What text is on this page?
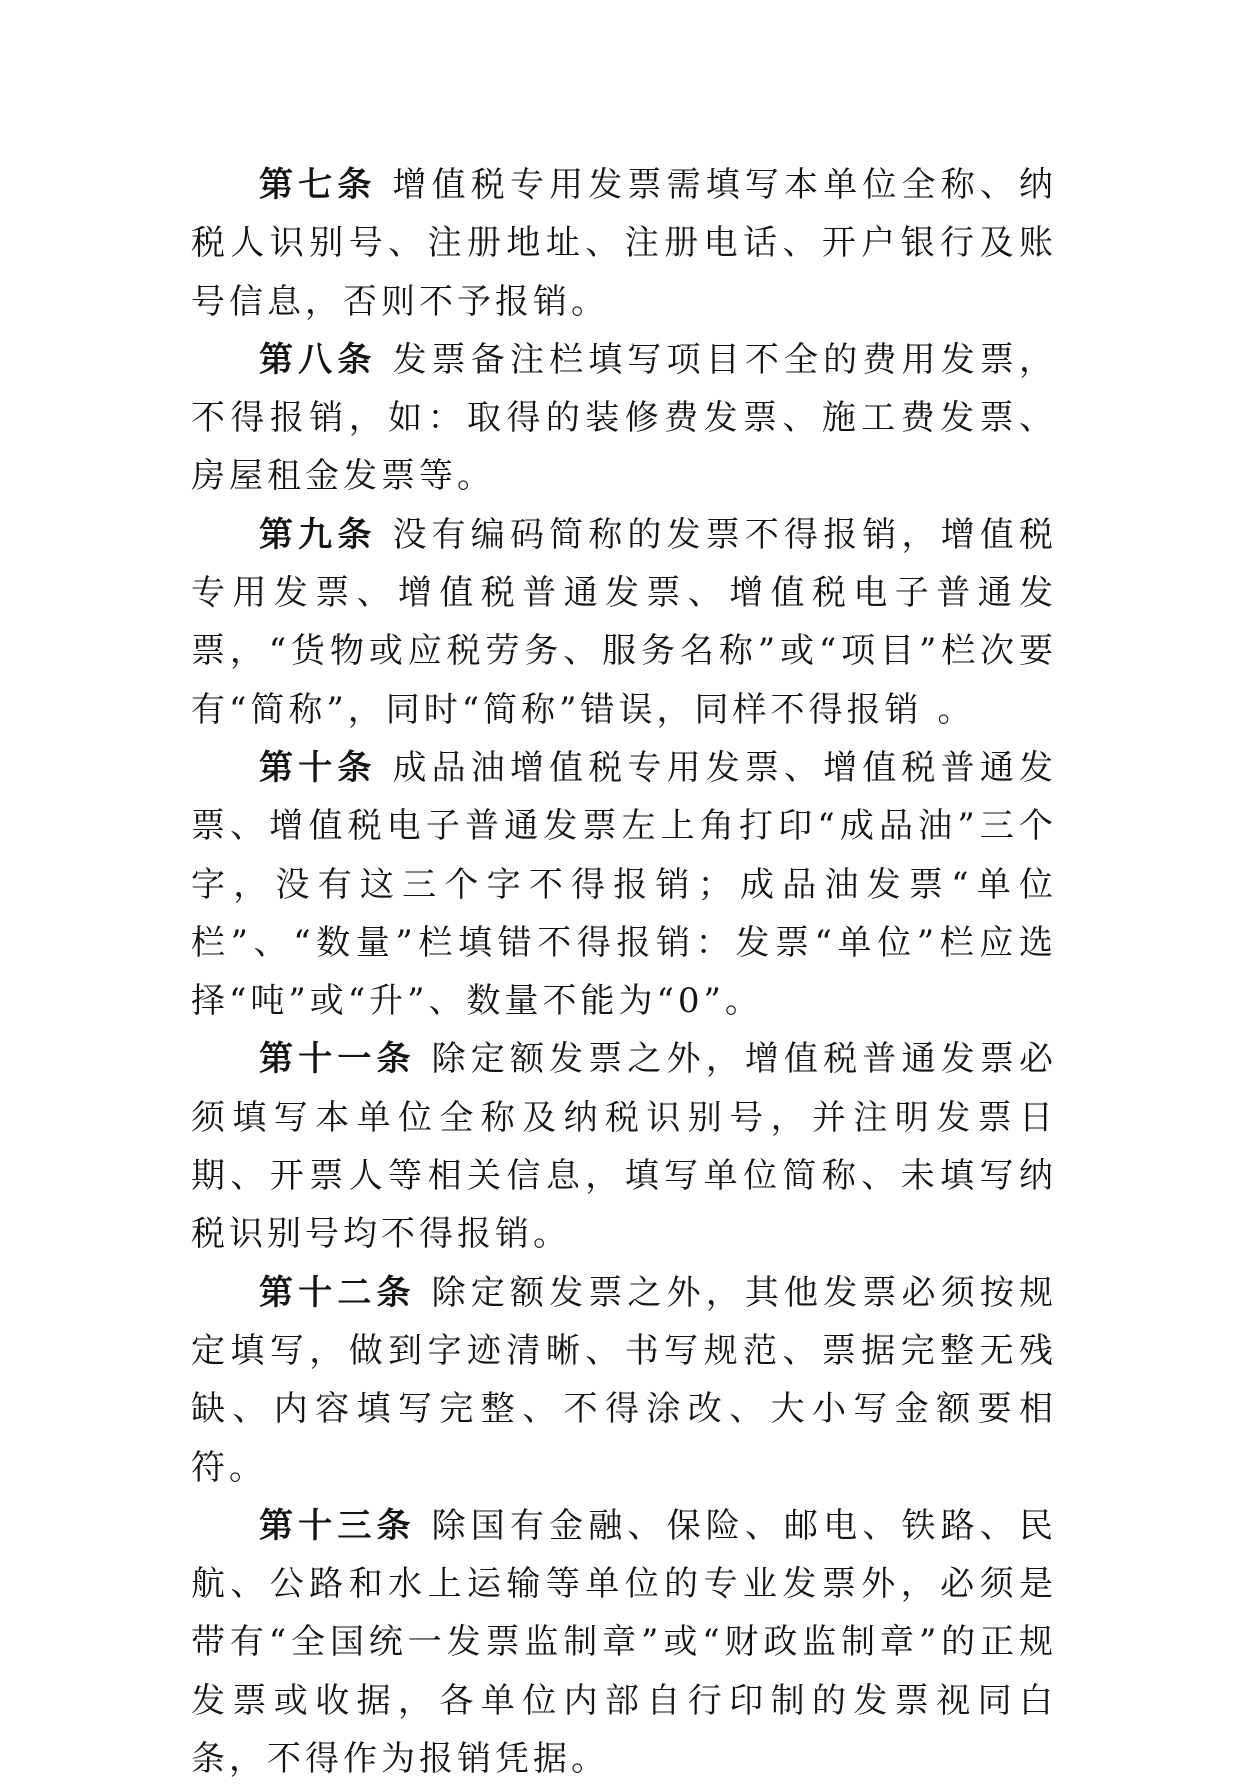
第七条 增值税专用发票需填写本单位全称、纳税人识别号、注册地址、注册电话、开户银行及账号信息，否则不予报销。

第八条 发票备注栏填写项目不全的费用发票，不得报销，如：取得的装修费发票、施工费发票、房屋租金发票等。

第九条 没有编码简称的发票不得报销，增值税专用发票、增值税普通发票、增值税电子普通发票，“货物或应税劳务、服务名称”或“项目”栏次要有“简称”，同时“简称”错误，同样不得报销 。

第十条 成品油增值税专用发票、增值税普通发票、增值税电子普通发票左上角打印“成品油”三个字，没有这三个字不得报销；成品油发票“单位栏”、“数量”栏填错不得报销：发票“单位”栏应选择“吨”或“升”、数量不能为“0”。

第十一条 除定额发票之外，增值税普通发票必须填写本单位全称及纳税识别号，并注明发票日期、开票人等相关信息，填写单位简称、未填写纳税识别号均不得报销。

第十二条 除定额发票之外，其他发票必须按规定填写，做到字迹清晰、书写规范、票据完整无残缺、内容填写完整、不得涂改、大小写金额要相符。

第十三条 除国有金融、保险、邮电、铁路、民航、公路和水上运输等单位的专业发票外，必须是带有“全国统一发票监制章”或“财政监制章”的正规发票或收据，各单位内部自行印制的发票视同白条，不得作为报销凭据。
